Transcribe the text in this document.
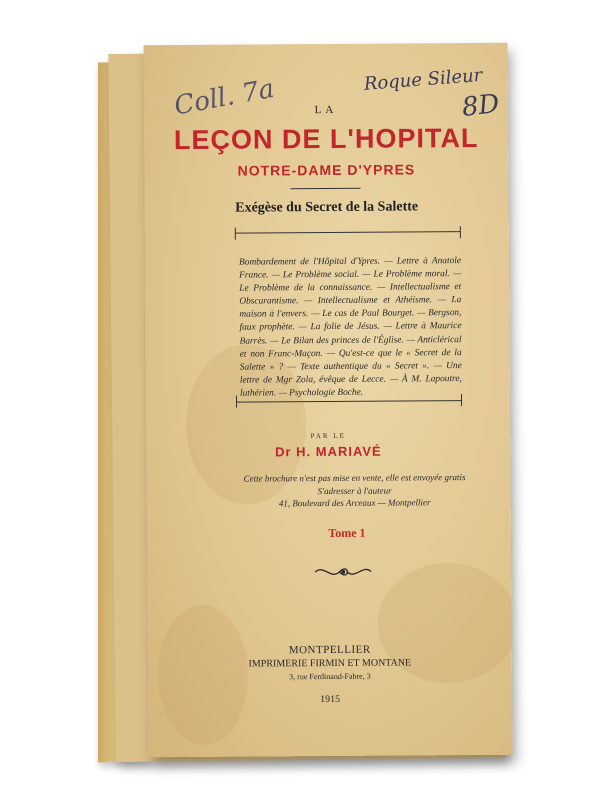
Coll. 7a	Roque Sileur
8D
LA
LEÇON DE L'HOPITAL
NOTRE-DAME D'YPRES
Exégèse du Secret de la Salette
Bombardement de l'Hôpital d'Ypres. — Lettre à Anatole France. — Le Problème social. — Le Problème moral. — Le Problème de la connaissance. — Intellectualisme et Obscurantisme. — Intellectualisme et Athéisme. — La maison à l'envers. — Le cas de Paul Bourget. — Bergson, faux prophète. — La folie de Jésus. — Lettre à Maurice Barrès. — Le Bilan des princes de l'Église. — Anticlérical et non Franc-Maçon. — Qu'est-ce que le « Secret de la Salette » ? — Texte authentique du « Secret ». — Une lettre de Mgr Zola, évêque de Lecce. — À M. Lapoutre, luthérien. — Psychologie Boche.
PAR LE
Dr H. MARIAVÉ
Cette brochure n'est pas mise en vente, elle est envoyée gratis
S'adresser à l'auteur
41, Boulevard des Arceaux — Montpellier
Tome 1
MONTPELLIER
IMPRIMERIE FIRMIN ET MONTANE
3, rue Ferdinand-Fabre, 3
1915
